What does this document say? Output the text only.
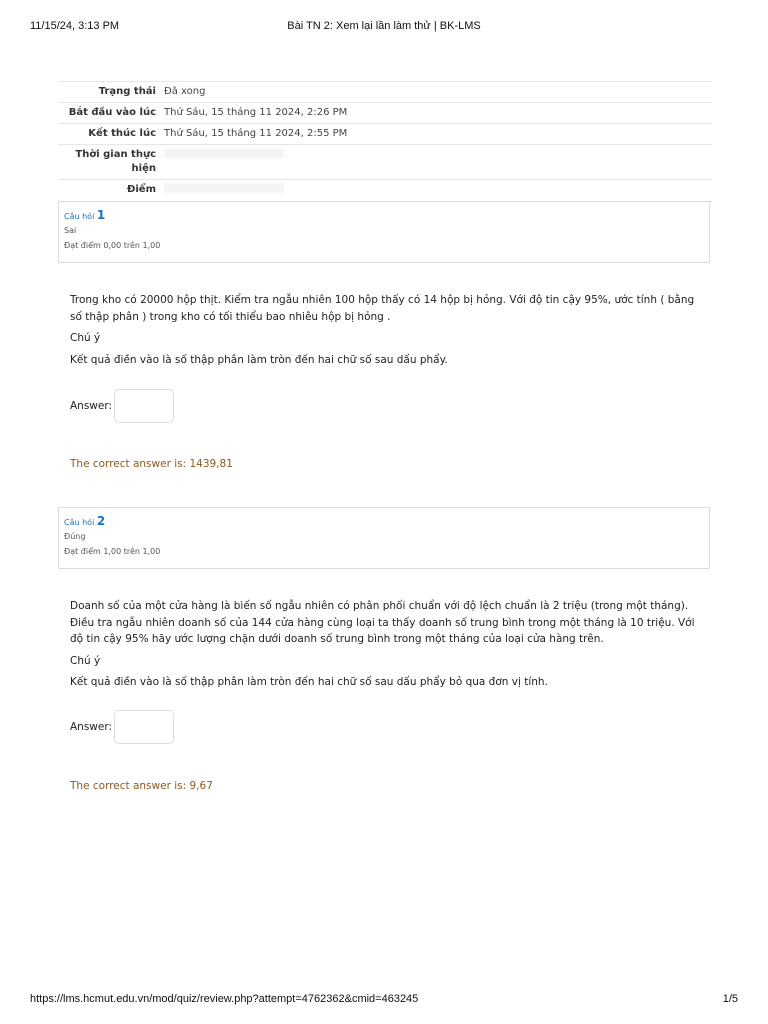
11/15/24, 3:13 PM	Bài TN 2: Xem lại lần làm thử | BK-LMS
Trạng thái	Đã xong
Bắt đầu vào lúc	Thứ Sáu, 15 tháng 11 2024, 2:26 PM
Kết thúc lúc	Thứ Sáu, 15 tháng 11 2024, 2:55 PM
Thời gian thực hiện	
Điểm	
Câu hỏi 1
Sai
Đạt điểm 0,00 trên 1,00

Trong kho có 20000 hộp thịt. Kiểm tra ngẫu nhiên 100 hộp thấy có 14 hộp bị hỏng. Với độ tin cậy 95%, ước tính ( bằng số thập phân ) trong kho có tối thiểu bao nhiêu hộp bị hỏng .

Chú ý

Kết quả điền vào là số thập phân làm tròn đến hai chữ số sau dấu phẩy.

Answer:
The correct answer is: 1439,81
Câu hỏi 2
Đúng
Đạt điểm 1,00 trên 1,00

Doanh số của một cửa hàng là biến số ngẫu nhiên có phân phối chuẩn với độ lệch chuẩn là 2 triệu (trong một tháng). Điều tra ngẫu nhiên doanh số của 144 cửa hàng cùng loại ta thấy doanh số trung bình trong một tháng là 10 triệu. Với độ tin cậy 95% hãy ước lượng chặn dưới doanh số trung bình trong một tháng của loại cửa hàng trên.

Chú ý

Kết quả điền vào là số thập phân làm tròn đến hai chữ số sau dấu phẩy bỏ qua đơn vị tính.

Answer:
The correct answer is: 9,67
https://lms.hcmut.edu.vn/mod/quiz/review.php?attempt=4762362&cmid=463245	1/5
